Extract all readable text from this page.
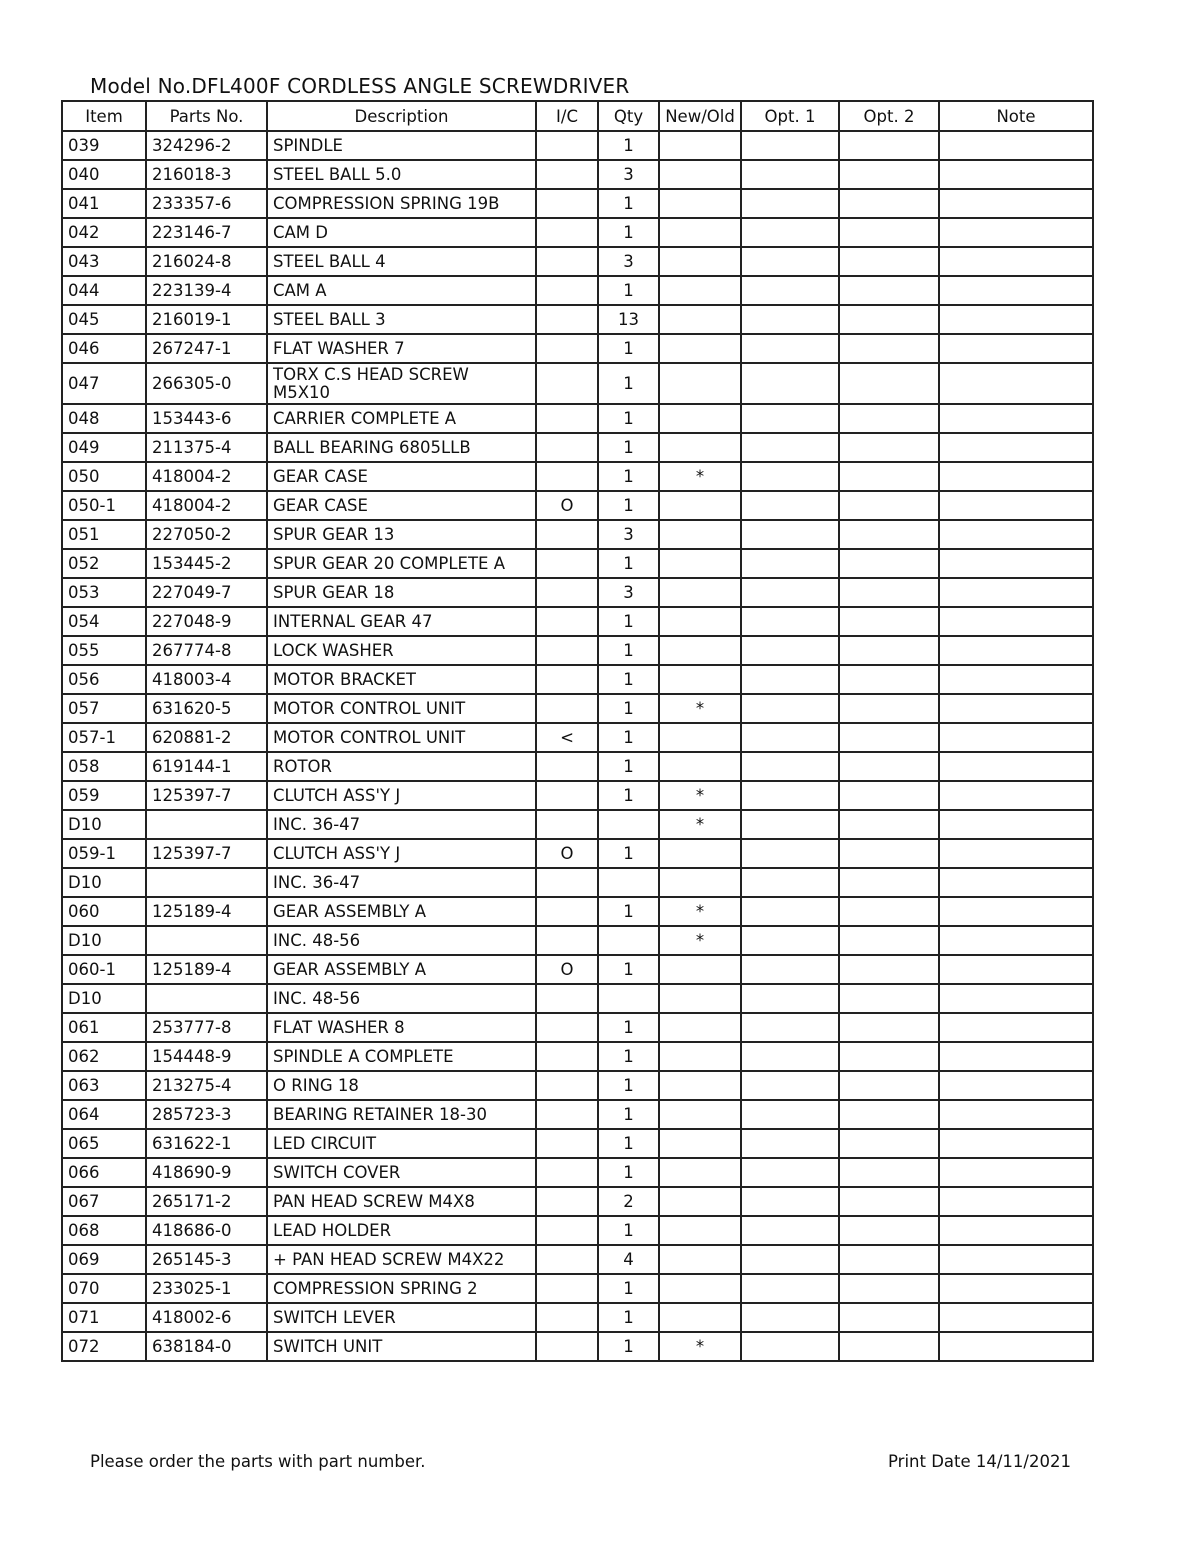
Model No.DFL400F CORDLESS ANGLE SCREWDRIVER
Item	Parts No.	Description	I/C	Qty	New/Old	Opt. 1	Opt. 2	Note
039	324296-2	SPINDLE		1				
040	216018-3	STEEL BALL 5.0		3				
041	233357-6	COMPRESSION SPRING 19B		1				
042	223146-7	CAM D		1				
043	216024-8	STEEL BALL 4		3				
044	223139-4	CAM A		1				
045	216019-1	STEEL BALL 3		13				
046	267247-1	FLAT WASHER 7		1				
047	266305-0	TORX C.S HEAD SCREW
M5X10		1				
048	153443-6	CARRIER COMPLETE A		1				
049	211375-4	BALL BEARING 6805LLB		1				
050	418004-2	GEAR CASE		1	*			
050-1	418004-2	GEAR CASE	O	1				
051	227050-2	SPUR GEAR 13		3				
052	153445-2	SPUR GEAR 20 COMPLETE A		1				
053	227049-7	SPUR GEAR 18		3				
054	227048-9	INTERNAL GEAR 47		1				
055	267774-8	LOCK WASHER		1				
056	418003-4	MOTOR BRACKET		1				
057	631620-5	MOTOR CONTROL UNIT		1	*			
057-1	620881-2	MOTOR CONTROL UNIT	<	1				
058	619144-1	ROTOR		1				
059	125397-7	CLUTCH ASS'Y J		1	*			
D10		INC. 36-47			*			
059-1	125397-7	CLUTCH ASS'Y J	O	1				
D10		INC. 36-47						
060	125189-4	GEAR ASSEMBLY A		1	*			
D10		INC. 48-56			*			
060-1	125189-4	GEAR ASSEMBLY A	O	1				
D10		INC. 48-56						
061	253777-8	FLAT WASHER 8		1				
062	154448-9	SPINDLE A COMPLETE		1				
063	213275-4	O RING 18		1				
064	285723-3	BEARING RETAINER 18-30		1				
065	631622-1	LED CIRCUIT		1				
066	418690-9	SWITCH COVER		1				
067	265171-2	PAN HEAD SCREW M4X8		2				
068	418686-0	LEAD HOLDER		1				
069	265145-3	+ PAN HEAD SCREW M4X22		4				
070	233025-1	COMPRESSION SPRING 2		1				
071	418002-6	SWITCH LEVER		1				
072	638184-0	SWITCH UNIT		1	*			
Please order the parts with part number.	Print Date 14/11/2021
